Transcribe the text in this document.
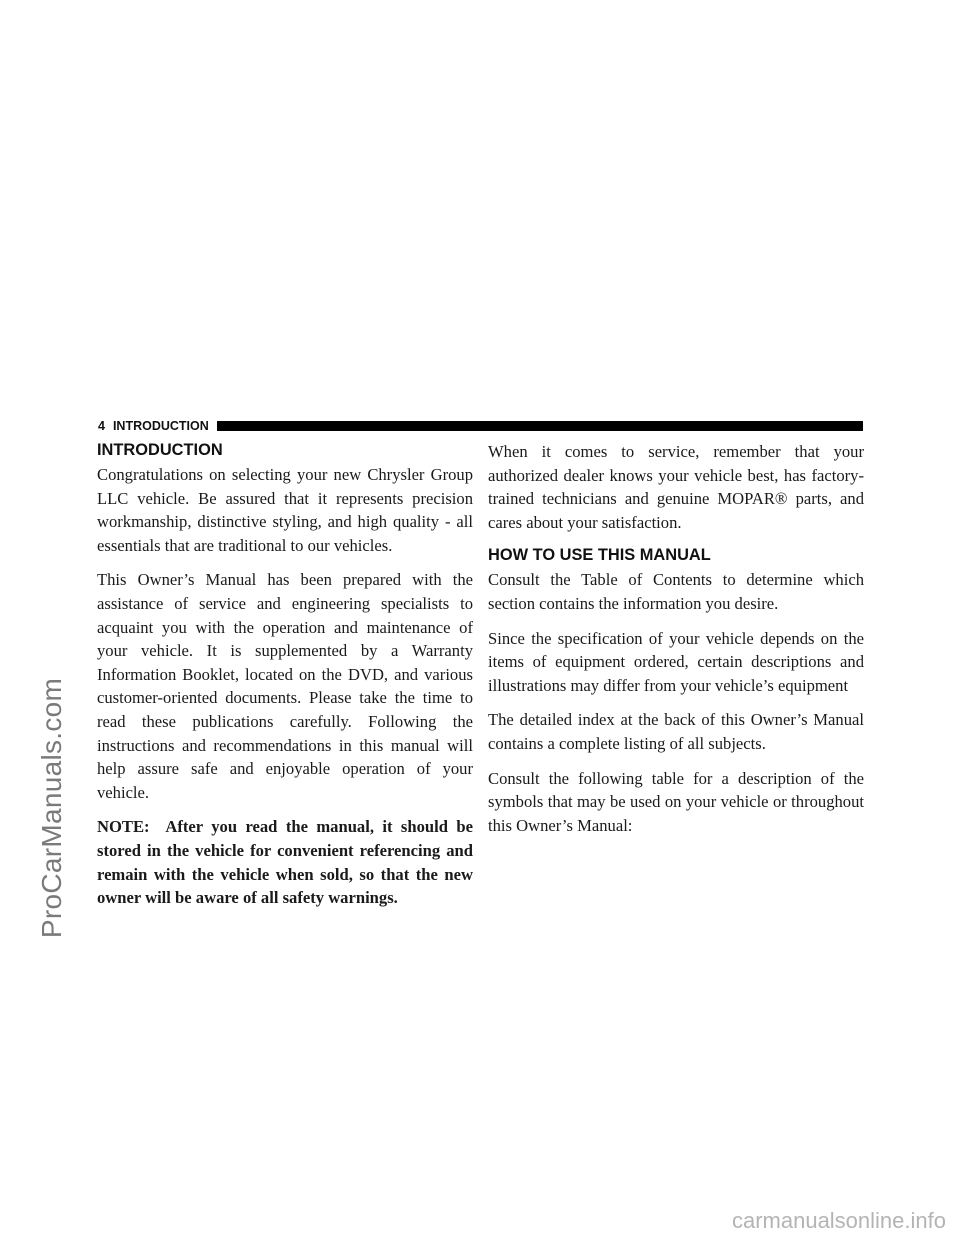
ProCarManuals.com
4 INTRODUCTION
INTRODUCTION

Congratulations on selecting your new Chrysler Group LLC vehicle. Be assured that it represents precision workmanship, distinctive styling, and high quality - all essentials that are traditional to our vehicles.

This Owner’s Manual has been prepared with the assistance of service and engineering specialists to acquaint you with the operation and maintenance of your vehicle. It is supplemented by a Warranty Information Booklet, located on the DVD, and various customer-oriented documents. Please take the time to read these publications carefully. Following the instructions and recommendations in this manual will help assure safe and enjoyable operation of your vehicle.

NOTE:  After you read the manual, it should be stored in the vehicle for convenient referencing and remain with the vehicle when sold, so that the new owner will be aware of all safety warnings.

When it comes to service, remember that your authorized dealer knows your vehicle best, has factory-trained technicians and genuine MOPAR® parts, and cares about your satisfaction.

HOW TO USE THIS MANUAL

Consult the Table of Contents to determine which section contains the information you desire.

Since the specification of your vehicle depends on the items of equipment ordered, certain descriptions and illustrations may differ from your vehicle’s equipment

The detailed index at the back of this Owner’s Manual contains a complete listing of all subjects.

Consult the following table for a description of the symbols that may be used on your vehicle or throughout this Owner’s Manual:

carmanualsonline.info
